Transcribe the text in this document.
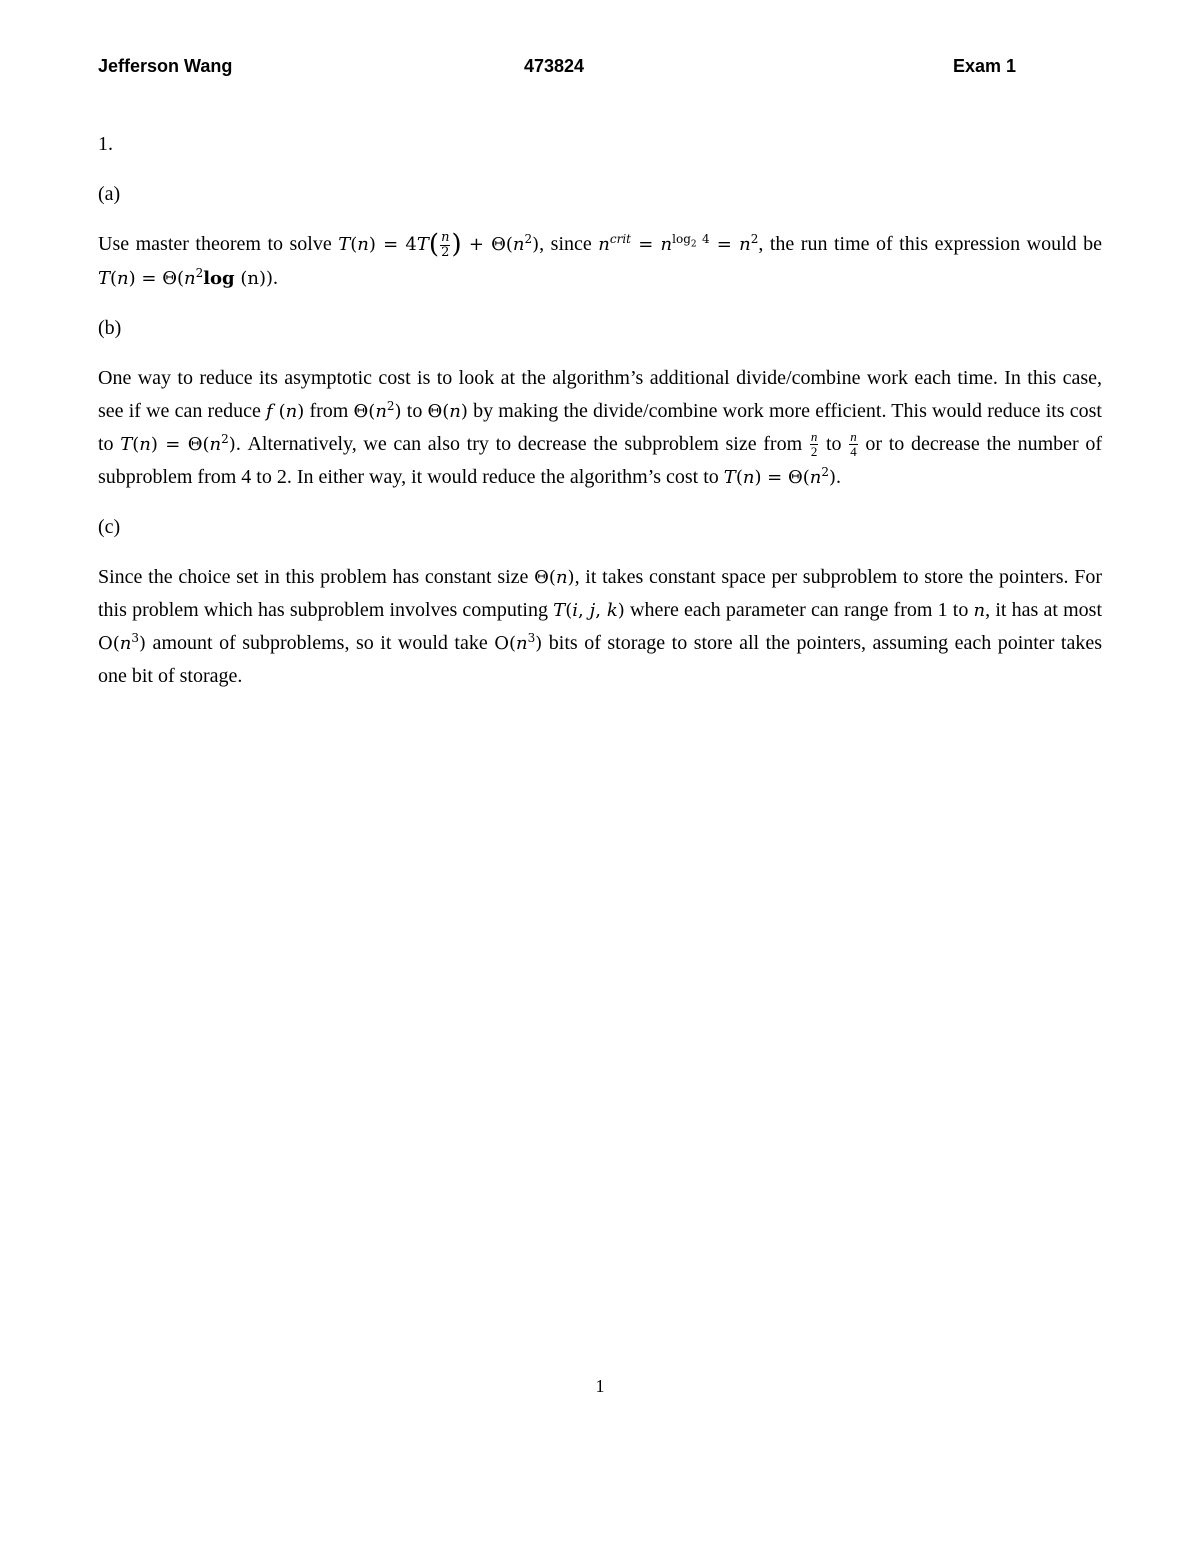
Jefferson Wang	473824	Exam 1

1.

(a)

Use master theorem to solve $T(n) = 4T( \frac{n}{2}$ ) + $\Theta(n^2)$, since $n^{crit} = n^{log_2 4} = n^2$, the run time of this expression would be $T(n) = \Theta(n^2\log$ (n)).

(b)

One way to reduce its asymptotic cost is to look at the algorithm’s additional divide/combine work each time. In this case, see if we can reduce f (n) from $\Theta(n^2)$ to Θ(n) by making the divide/combine work more efficient. This would reduce its cost to $T(n) = \Theta(n^2)$. Alternatively, we can also try to decrease the subproblem size from $\frac{n}{2}$ to $\frac{n}{4}$ or to decrease the number of subproblem from 4 to 2. In either way, it would reduce the algorithm’s cost to $T(n) = \Theta(n^2)$.

(c)

Since the choice set in this problem has constant size Θ(n), it takes constant space per subproblem to store the pointers. For this problem which has subproblem involves computing T(i, j, k) where each parameter can range from 1 to n, it has at most $O(n^3)$ amount of subproblems, so it would take $O(n^3)$ bits of storage to store all the pointers, assuming each pointer takes one bit of storage.

1
